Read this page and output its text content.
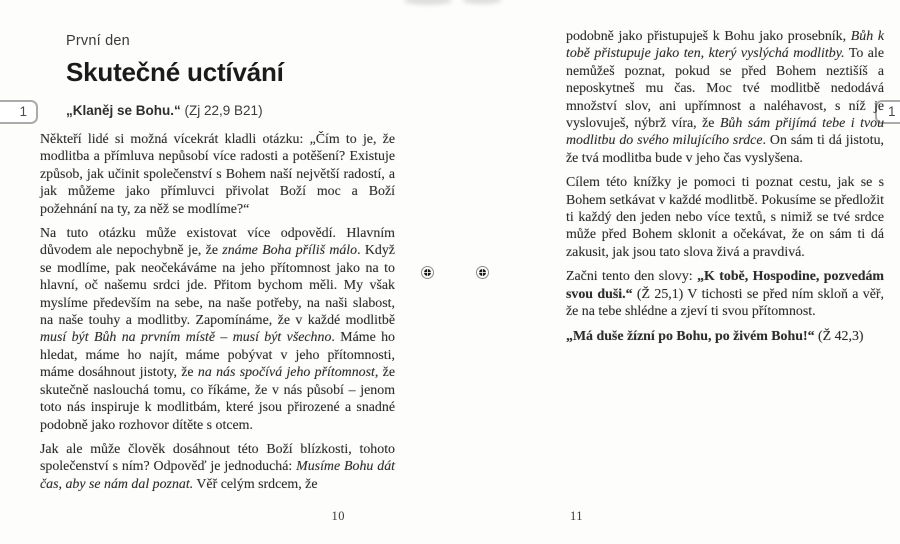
1	1
První den
Skutečné uctívání
„Klaněj se Bohu.“ (Zj 22,9 B21)

Někteří lidé si možná vícekrát kladli otázku: „Čím to je, že modlitba a přímluva nepůsobí více radosti a potěšení? Existuje způsob, jak učinit společenství s Bohem naší největší radostí, a jak můžeme jako přímluvci přivolat Boží moc a Boží požehnání na ty, za něž se modlíme?“

Na tuto otázku může existovat více odpovědí. Hlavním důvodem ale nepochybně je, že známe Boha příliš málo. Když se modlíme, pak neočekáváme na jeho přítomnost jako na to hlavní, oč našemu srdci jde. Přitom bychom měli. My však myslíme především na sebe, na naše potřeby, na naši slabost, na naše touhy a modlitby. Zapomínáme, že v každé modlitbě musí být Bůh na prvním místě – musí být všechno. Máme ho hledat, máme ho najít, máme pobývat v jeho přítomnosti, máme dosáhnout jistoty, že na nás spočívá jeho přítomnost, že skutečně naslouchá tomu, co říkáme, že v nás působí – jenom toto nás inspiruje k modlitbám, které jsou přirozené a snadné podobně jako rozhovor dítěte s otcem.

Jak ale může člověk dosáhnout této Boží blízkosti, tohoto společenství s ním? Odpověď je jednoduchá: Musíme Bohu dát čas, aby se nám dal poznat. Věř celým srdcem, že

10

podobně jako přistupuješ k Bohu jako prosebník, Bůh k tobě přistupuje jako ten, který vyslýchá modlitby. To ale nemůžeš poznat, pokud se před Bohem neztišíš a neposkytneš mu čas. Moc tvé modlitbě nedodává množství slov, ani upřímnost a naléhavost, s níž je vyslovuješ, nýbrž víra, že Bůh sám přijímá tebe i tvou modlitbu do svého milujícího srdce. On sám ti dá jistotu, že tvá modlitba bude v jeho čas vyslyšena.

Cílem této knížky je pomoci ti poznat cestu, jak se s Bohem setkávat v každé modlitbě. Pokusíme se předložit ti každý den jeden nebo více textů, s nimiž se tvé srdce může před Bohem sklonit a očekávat, že on sám ti dá zakusit, jak jsou tato slova živá a pravdivá.

Začni tento den slovy: „K tobě, Hospodine, pozvedám svou duši.“ (Ž 25,1) V tichosti se před ním skloň a věř, že na tebe shlédne a zjeví ti svou přítomnost.

„Má duše žízní po Bohu, po živém Bohu!“ (Ž 42,3)

11
